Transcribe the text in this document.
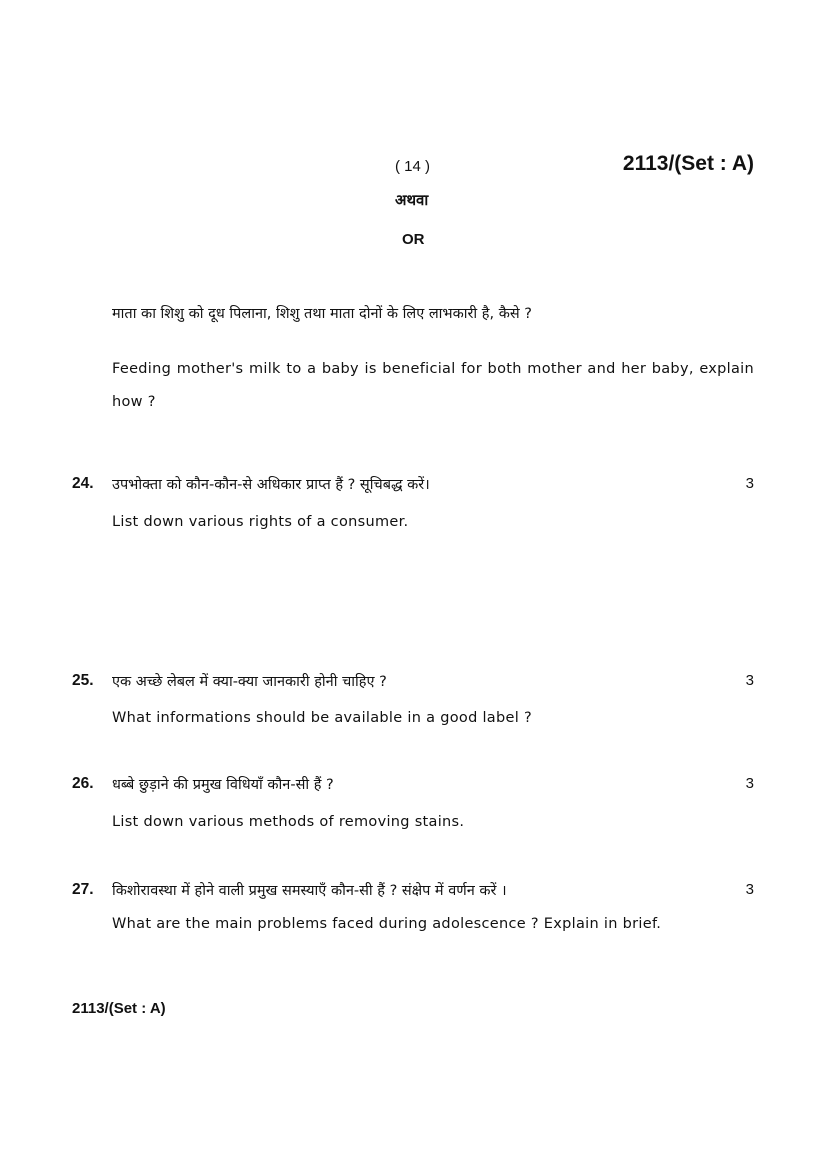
( 14 )	2113/(Set : A)
अथवा
OR
माता का शिशु को दूध पिलाना, शिशु तथा माता दोनों के लिए लाभकारी है, कैसे ?
Feeding mother's milk to a baby is beneficial for both mother and her baby, explain how ?
24. उपभोक्ता को कौन-कौन-से अधिकार प्राप्त हैं ? सूचिबद्ध करें।	3
List down various rights of a consumer.
25. एक अच्छे लेबल में क्या-क्या जानकारी होनी चाहिए ?	3
What informations should be available in a good label ?
26. धब्बे छुड़ाने की प्रमुख विधियाँ कौन-सी हैं ?	3
List down various methods of removing stains.
27. किशोरावस्था में होने वाली प्रमुख समस्याएँ कौन-सी हैं ? संक्षेप में वर्णन करें ।	3
What are the main problems faced during adolescence ? Explain in brief.
2113/(Set : A)
